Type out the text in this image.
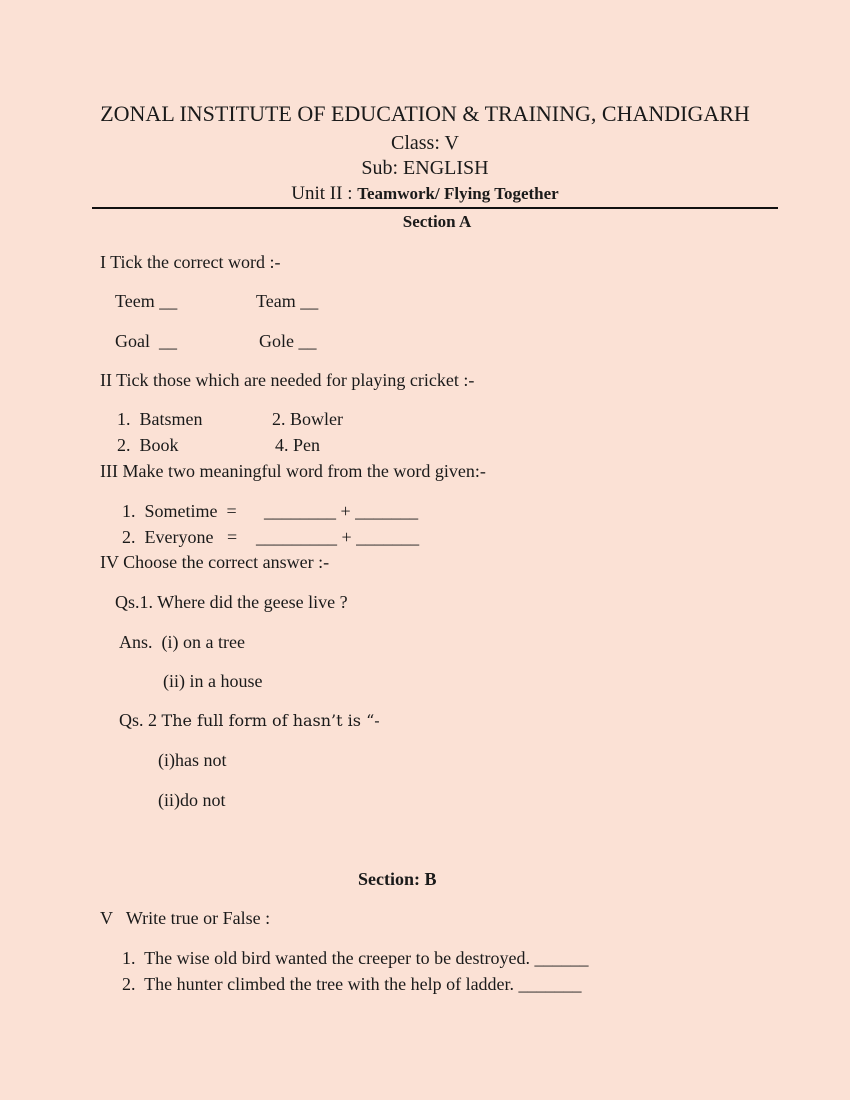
ZONAL INSTITUTE OF EDUCATION & TRAINING, CHANDIGARH
Class: V
Sub: ENGLISH
Unit II : Teamwork/ Flying Together
Section A
I Tick the correct word :-
Teem __	Team __
Goal  __	Gole __
II Tick those which are needed for playing cricket :-
1.  Batsmen	2. Bowler
2.  Book	4. Pen
III Make two meaningful word from the word given:-
1.  Sometime  = ________ + _______
2.  Everyone   = _________ + _______
IV Choose the correct answer :-
Qs.1. Where did the geese live ?
Ans.  (i) on a tree
(ii) in a house
Qs. 2 The full form of hasn’t is “-
(i)has not
(ii)do not
Section: B
V   Write true or False :
1.  The wise old bird wanted the creeper to be destroyed. ______
2.  The hunter climbed the tree with the help of ladder. _______
